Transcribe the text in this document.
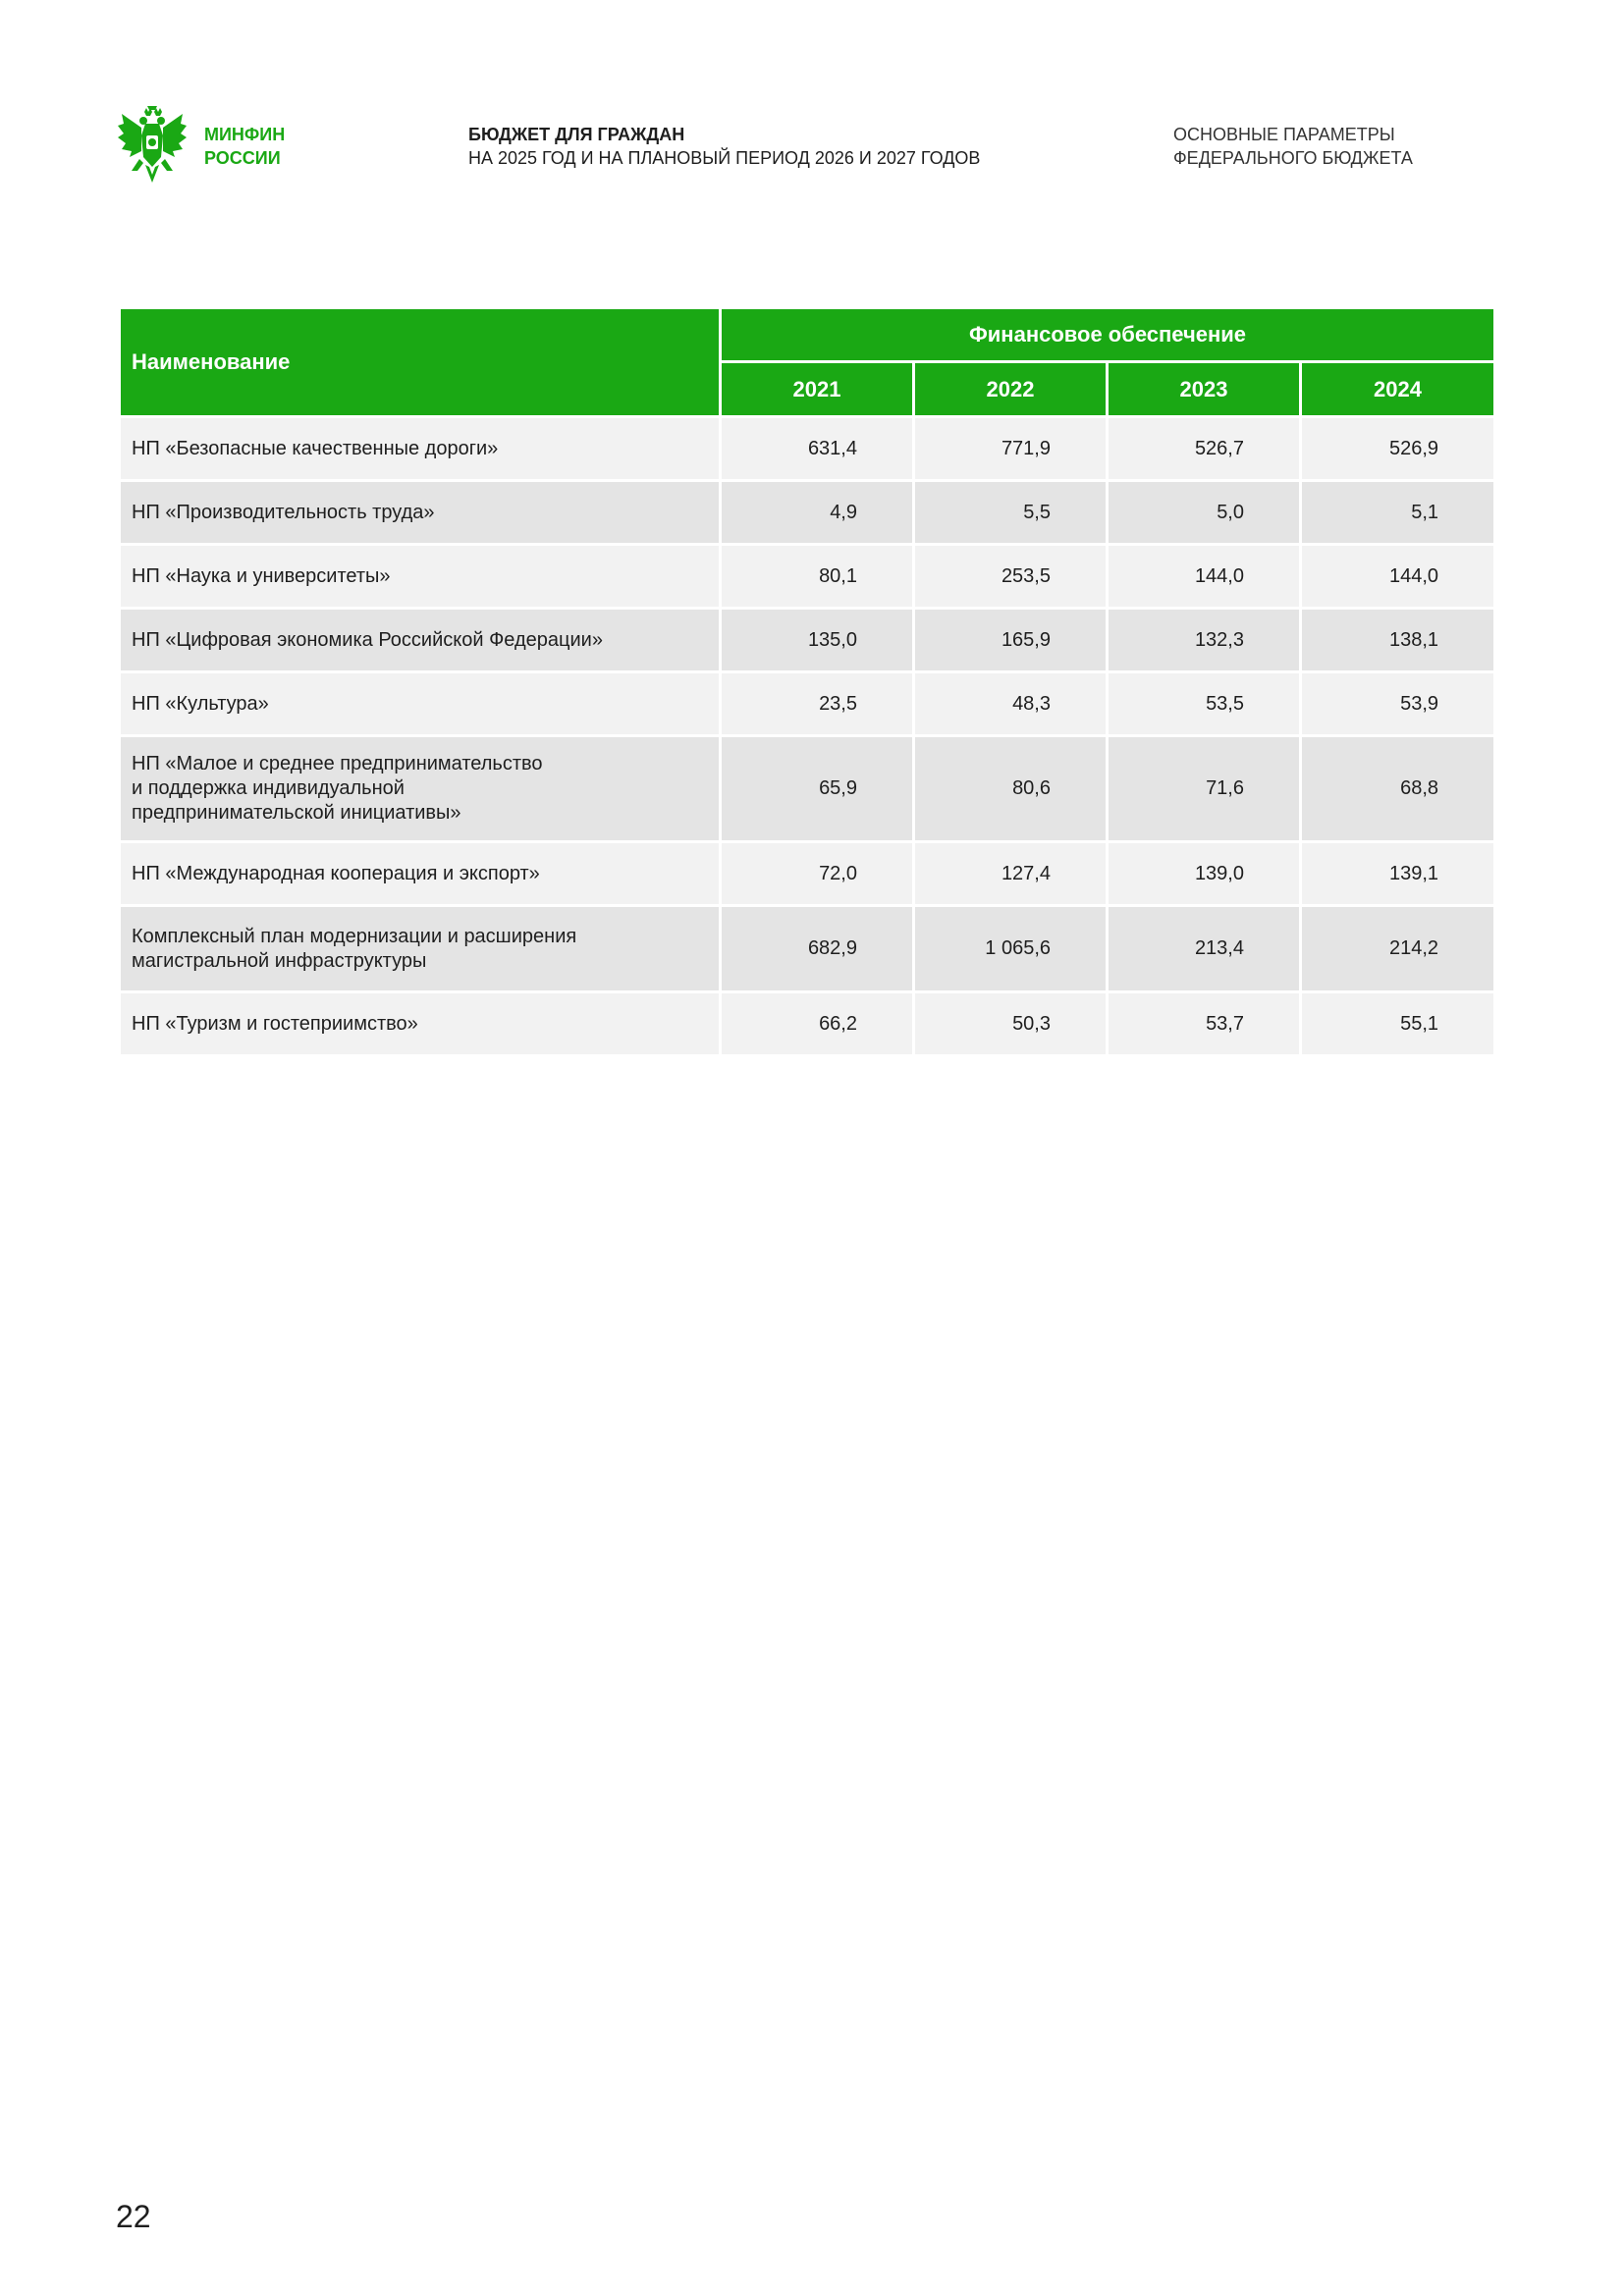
МИНФИН
РОССИИ
БЮДЖЕТ ДЛЯ ГРАЖДАН
НА 2025 ГОД И НА ПЛАНОВЫЙ ПЕРИОД 2026 И 2027 ГОДОВ
ОСНОВНЫЕ ПАРАМЕТРЫ
ФЕДЕРАЛЬНОГО БЮДЖЕТА
Наименование	Финансовое обеспечение			
	2021	2022	2023	2024
НП «Безопасные качественные дороги»	631,4	771,9	526,7	526,9
НП «Производительность труда»	4,9	5,5	5,0	5,1
НП «Наука и университеты»	80,1	253,5	144,0	144,0
НП «Цифровая экономика Российской Федерации»	135,0	165,9	132,3	138,1
НП «Культура»	23,5	48,3	53,5	53,9

НП «Малое и среднее предпринимательство
и поддержка индивидуальной
предпринимательской инициативы»	65,9	80,6	71,6	68,8
НП «Международная кооперация и экспорт»	72,0	127,4	139,0	139,1

Комплексный план модернизации и расширения
магистральной инфраструктуры	682,9	1 065,6	213,4	214,2
НП «Туризм и гостеприимство»	66,2	50,3	53,7	55,1
22
